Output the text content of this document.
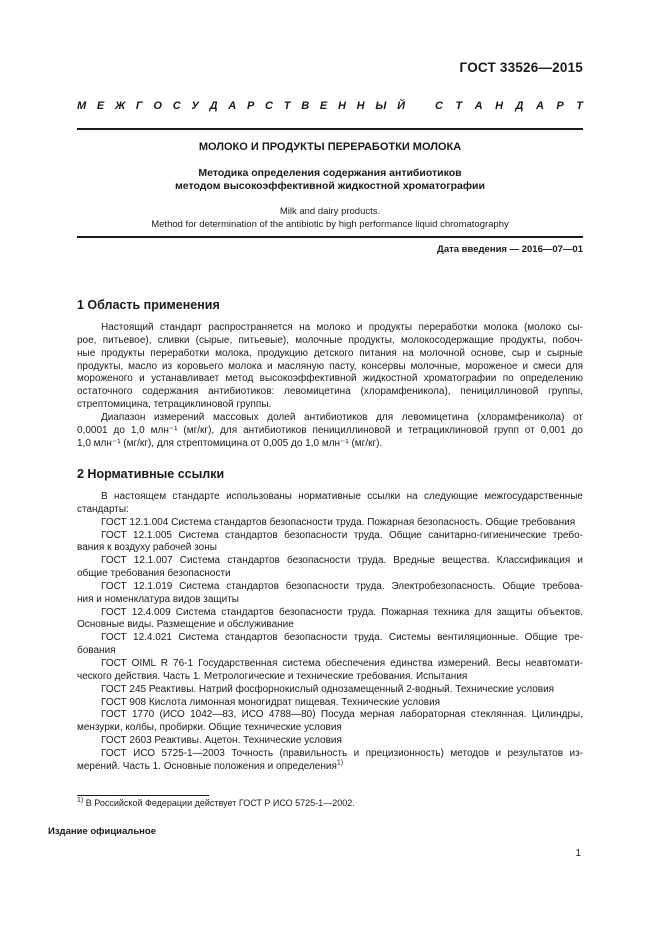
ГОСТ 33526—2015
М Е Ж Г О С У Д А Р С Т В Е Н Н Ы Й	С Т А Н Д А Р Т
МОЛОКО И ПРОДУКТЫ ПЕРЕРАБОТКИ МОЛОКА
Методика определения содержания антибиотиков
методом высокоэффективной жидкостной хроматографии
Milk and dairy products.
Method for determination of the antibiotic by high performance liquid chromatography
Дата введения — 2016—07—01
1 Область применения
Настоящий стандарт распространяется на молоко и продукты переработки молока (молоко сы-
рое, питьевое), сливки (сырые, питьевые), молочные продукты, молокосодержащие продукты, побоч-
ные продукты переработки молока, продукцию детского питания на молочной основе, сыр и сырные
продукты, масло из коровьего молока и масляную пасту, консервы молочные, мороженое и смеси для
мороженого и устанавливает метод высокоэффективной жидкостной хроматографии по определению
остаточного содержания антибиотиков: левомицетина (хлорамфеникола), пенициллиновой группы,
стрептомицина, тетрациклиновой группы.
Диапазон измерений массовых долей антибиотиков для левомицетина (хлорамфеникола) от
0,0001 до 1,0 млн⁻¹ (мг/кг), для антибиотиков пенициллиновой и тетрациклиновой групп от 0,001 до
1,0 млн⁻¹ (мг/кг), для стрептомицина от 0,005 до 1,0 млн⁻¹ (мг/кг).
2 Нормативные ссылки
В настоящем стандарте использованы нормативные ссылки на следующие межгосударственные
стандарты:
ГОСТ 12.1.004 Система стандартов безопасности труда. Пожарная безопасность. Общие требования
ГОСТ 12.1.005 Система стандартов безопасности труда. Общие санитарно-гигиенические требо-
вания к воздуху рабочей зоны
ГОСТ 12.1.007 Система стандартов безопасности труда. Вредные вещества. Классификация и
общие требования безопасности
ГОСТ 12.1.019 Система стандартов безопасности труда. Электробезопасность. Общие требова-
ния и номенклатура видов защиты
ГОСТ 12.4.009 Система стандартов безопасности труда. Пожарная техника для защиты объектов.
Основные виды. Размещение и обслуживание
ГОСТ 12.4.021 Система стандартов безопасности труда. Системы вентиляционные. Общие тре-
бования
ГОСТ OIML R 76-1 Государственная система обеспечения единства измерений. Весы неавтомати-
ческого действия. Часть 1. Метрологические и технические требования. Испытания
ГОСТ 245 Реактивы. Натрий фосфорнокислый однозамещенный 2-водный. Технические условия
ГОСТ 908 Кислота лимонная моногидрат пищевая. Технические условия
ГОСТ 1770 (ИСО 1042—83, ИСО 4788—80) Посуда мерная лабораторная стеклянная. Цилиндры,
мензурки, колбы, пробирки. Общие технические условия
ГОСТ 2603 Реактивы. Ацетон. Технические условия
ГОСТ ИСО 5725-1—2003 Точность (правильность и прецизионность) методов и результатов из-
мерений. Часть 1. Основные положения и определения$^{1)}$
$^{1)}$ В Российской Федерации действует ГОСТ Р ИСО 5725-1—2002.
Издание официальное
1
